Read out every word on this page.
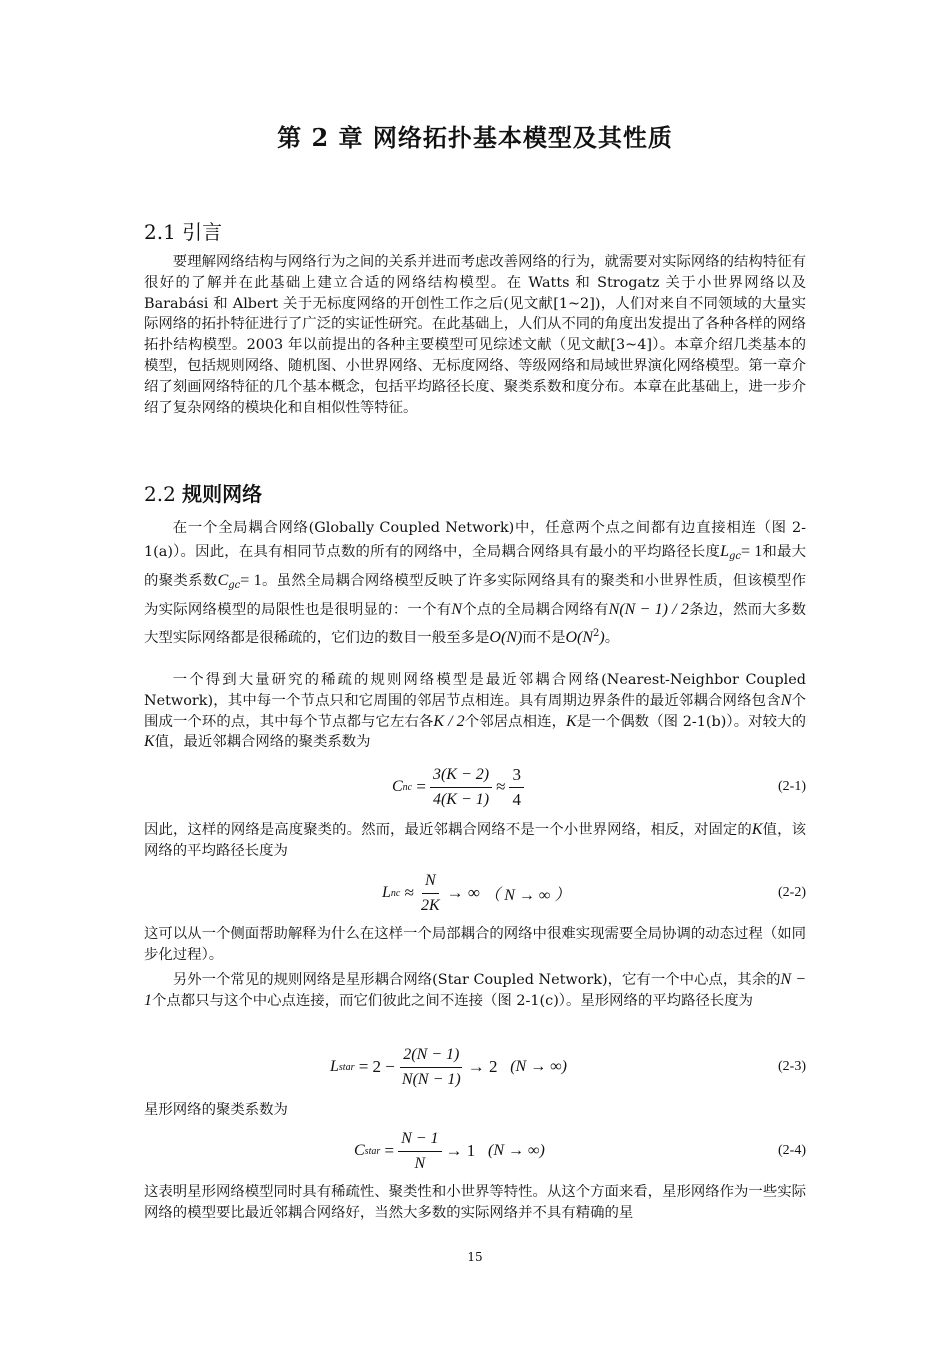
第 2 章 网络拓扑基本模型及其性质
2.1 引言

要理解网络结构与网络行为之间的关系并进而考虑改善网络的行为，就需要对实际网络的结构特征有很好的了解并在此基础上建立合适的网络结构模型。在 Watts 和 Strogatz 关于小世界网络以及 Barabási 和 Albert 关于无标度网络的开创性工作之后(见文献[1~2])，人们对来自不同领域的大量实际网络的拓扑特征进行了广泛的实证性研究。在此基础上，人们从不同的角度出发提出了各种各样的网络拓扑结构模型。2003 年以前提出的各种主要模型可见综述文献（见文献[3~4]）。本章介绍几类基本的模型，包括规则网络、随机图、小世界网络、无标度网络、等级网络和局域世界演化网络模型。第一章介绍了刻画网络特征的几个基本概念，包括平均路径长度、聚类系数和度分布。本章在此基础上，进一步介绍了复杂网络的模块化和自相似性等特征。

2.2 规则网络

在一个全局耦合网络(Globally Coupled Network)中，任意两个点之间都有边直接相连（图 2-1(a)）。因此，在具有相同节点数的所有的网络中，全局耦合网络具有最小的平均路径长度$L_{gc}= 1$和最大的聚类系数$C_{gc}= 1$。虽然全局耦合网络模型反映了许多实际网络具有的聚类和小世界性质，但该模型作为实际网络模型的局限性也是很明显的：一个有N个点的全局耦合网络有N(N − 1) / 2条边，然而大多数大型实际网络都是很稀疏的，它们边的数目一般至多是O(N)而不是$O(N^2)$。

一个得到大量研究的稀疏的规则网络模型是最近邻耦合网络(Nearest-Neighbor Coupled Network)，其中每一个节点只和它周围的邻居节点相连。具有周期边界条件的最近邻耦合网络包含N个围成一个环的点，其中每个节点都与它左右各K / 2个邻居点相连，K是一个偶数（图 2-1(b)）。对较大的K值，最近邻耦合网络的聚类系数为

C nc = $\frac{3(K - 2)}{4(K - 1)} \approx \frac{3}{4}$	(2-1)

因此，这样的网络是高度聚类的。然而，最近邻耦合网络不是一个小世界网络，相反，对固定的K值，该网络的平均路径长度为

L nc ≈ $\frac{N}{2K}$ → ∞
（ N → ∞ ）	(2-2)

这可以从一个侧面帮助解释为什么在这样一个局部耦合的网络中很难实现需要全局协调的动态过程（如同步化过程）。

另外一个常见的规则网络是星形耦合网络(Star Coupled Network)，它有一个中心点，其余的N − 1个点都只与这个中心点连接，而它们彼此之间不连接（图 2-1(c)）。星形网络的平均路径长度为

L star
= $2 - \frac{2(N - 1)}{N(N - 1)} \to 2$
(N → ∞)	(2-3)

星形网络的聚类系数为

C star = $\frac{N - 1}{N} \to 1$
(N → ∞)	(2-4)

这表明星形网络模型同时具有稀疏性、聚类性和小世界等特性。从这个方面来看，星形网络作为一些实际网络的模型要比最近邻耦合网络好，当然大多数的实际网络并不具有精确的星

15
